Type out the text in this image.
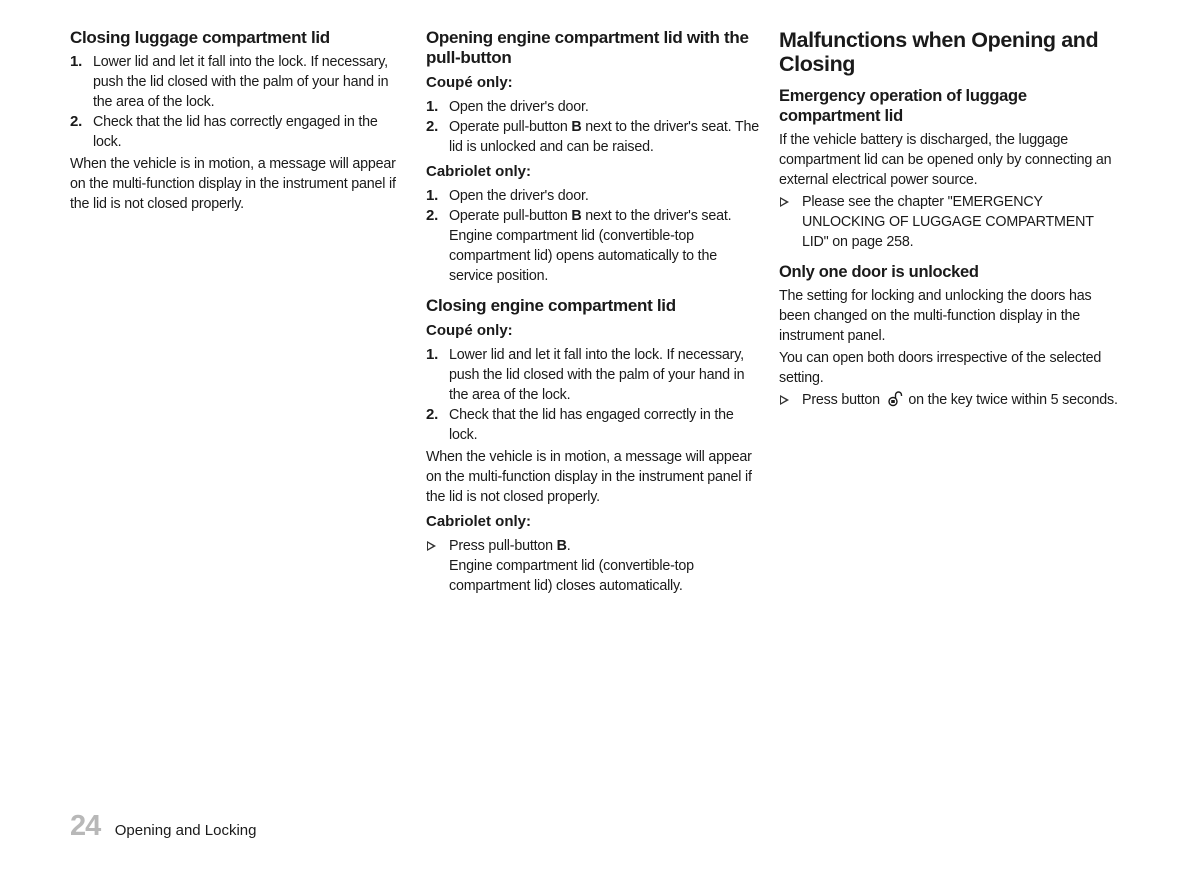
Closing luggage compartment lid
1. Lower lid and let it fall into the lock. If necessary, push the lid closed with the palm of your hand in the area of the lock.
2. Check that the lid has correctly engaged in the lock.

When the vehicle is in motion, a message will appear on the multi-function display in the instrument panel if the lid is not closed properly.

Opening engine compartment lid with the pull-button
Coupé only:
1. Open the driver's door.
2. Operate pull-button B next to the driver's seat. The lid is unlocked and can be raised.
Cabriolet only:
1. Open the driver's door.
2. Operate pull-button B next to the driver's seat. Engine compartment lid (convertible-top compartment lid) opens automatically to the service position.
Closing engine compartment lid
Coupé only:
1. Lower lid and let it fall into the lock. If necessary, push the lid closed with the palm of your hand in the area of the lock.
2. Check that the lid has engaged correctly in the lock.

When the vehicle is in motion, a message will appear on the multi-function display in the instrument panel if the lid is not closed properly.

Cabriolet only:
Press pull-button B.
Engine compartment lid (convertible-top compartment lid) closes automatically.
Malfunctions when Opening and Closing
Emergency operation of luggage compartment lid

If the vehicle battery is discharged, the luggage compartment lid can be opened only by connecting an external electrical power source.

Please see the chapter "EMERGENCY UNLOCKING OF LUGGAGE COMPARTMENT LID" on page 258.
Only one door is unlocked

The setting for locking and unlocking the doors has been changed on the multi-function display in the instrument panel.

You can open both doors irrespective of the selected setting.

Press button  on the key twice within 5 seconds.
24 Opening and Locking
